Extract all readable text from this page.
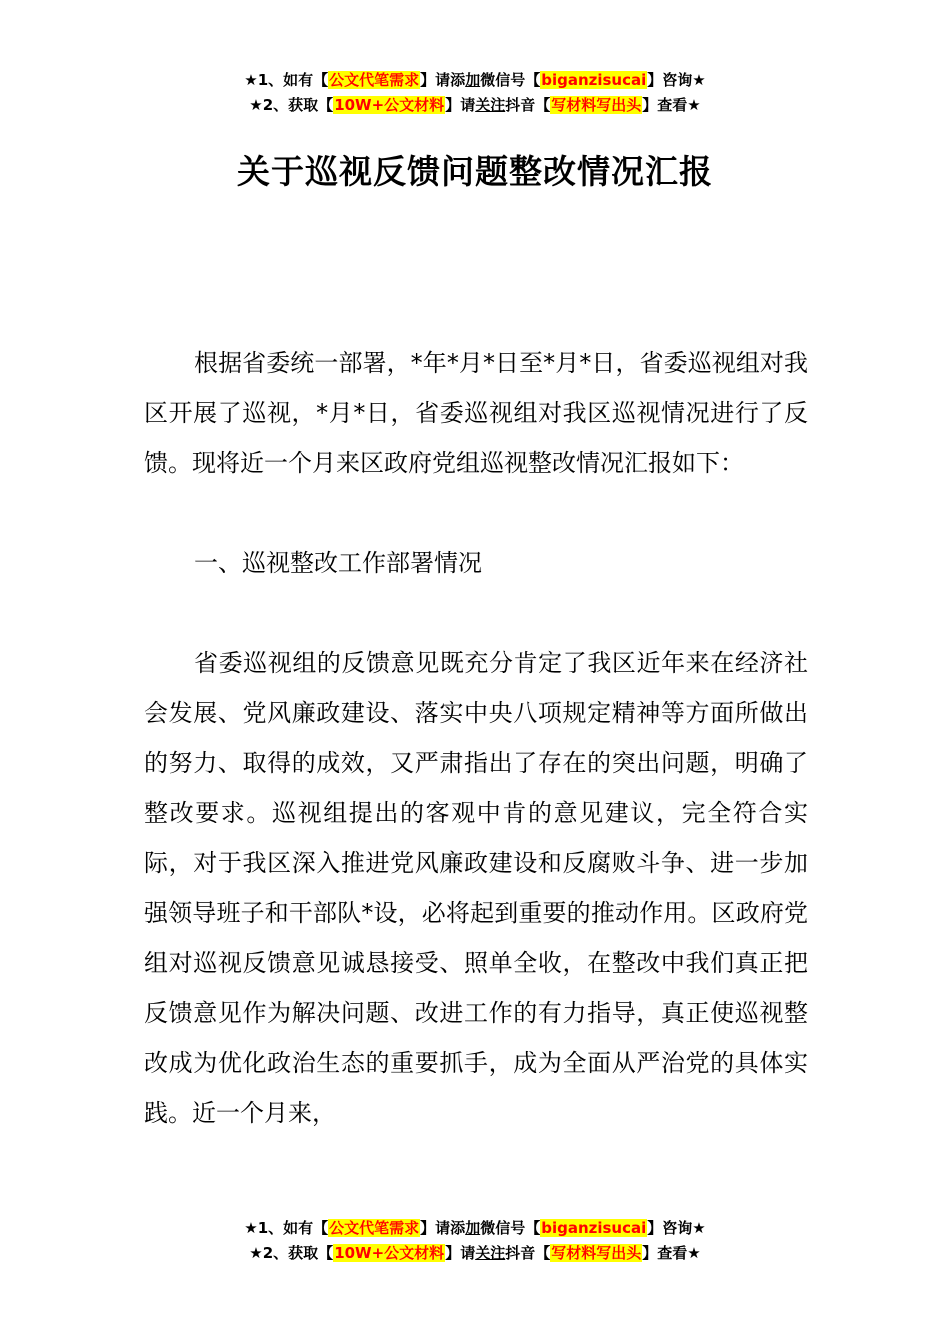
★1、如有【公文代笔需求】请添加微信号【biganzisucai】咨询★
★2、获取【10W+公文材料】请关注抖音【写材料写出头】查看★
关于巡视反馈问题整改情况汇报

根据省委统一部署，*年*月*日至*月*日，省委巡视组对我区开展了巡视，*月*日，省委巡视组对我区巡视情况进行了反馈。现将近一个月来区政府党组巡视整改情况汇报如下：

一、巡视整改工作部署情况

省委巡视组的反馈意见既充分肯定了我区近年来在经济社会发展、党风廉政建设、落实中央八项规定精神等方面所做出的努力、取得的成效，又严肃指出了存在的突出问题，明确了整改要求。巡视组提出的客观中肯的意见建议，完全符合实际，对于我区深入推进党风廉政建设和反腐败斗争、进一步加强领导班子和干部队*设，必将起到重要的推动作用。区政府党组对巡视反馈意见诚恳接受、照单全收，在整改中我们真正把反馈意见作为解决问题、改进工作的有力指导，真正使巡视整改成为优化政治生态的重要抓手，成为全面从严治党的具体实践。近一个月来，

★1、如有【公文代笔需求】请添加微信号【biganzisucai】咨询★
★2、获取【10W+公文材料】请关注抖音【写材料写出头】查看★
